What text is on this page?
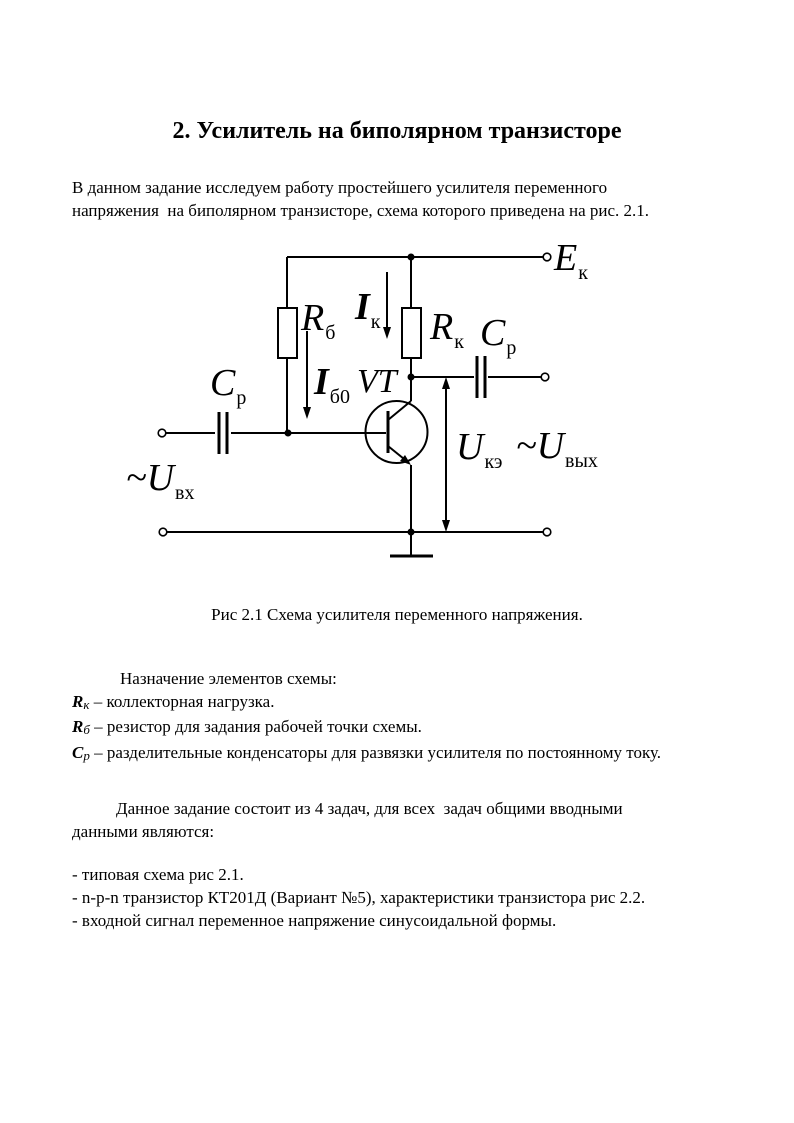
2. Усилитель на биполярном транзисторе
В данном задание исследуем работу простейшего усилителя переменного
напряжения  на биполярном транзисторе, схема которого приведена на рис. 2.1.
$E_к$
$R_б$
$I_к$ $R_к$ $C_р$
$C_р$ $I_{б0}$ VT
$U_{кэ}$
$\sim U_{вх}$
$\sim U_{вых}$
Рис 2.1 Схема усилителя переменного напряжения.
Назначение элементов схемы:
Rк – коллекторная нагрузка.
Rб – резистор для задания рабочей точки схемы.
Cр – разделительные конденсаторы для развязки усилителя по постоянному току.
Данное задание состоит из 4 задач, для всех  задач общими вводными
данными являются:
- типовая схема рис 2.1.
- n-p-n транзистор КТ201Д (Вариант №5), характеристики транзистора рис 2.2.
- входной сигнал переменное напряжение синусоидальной формы.
